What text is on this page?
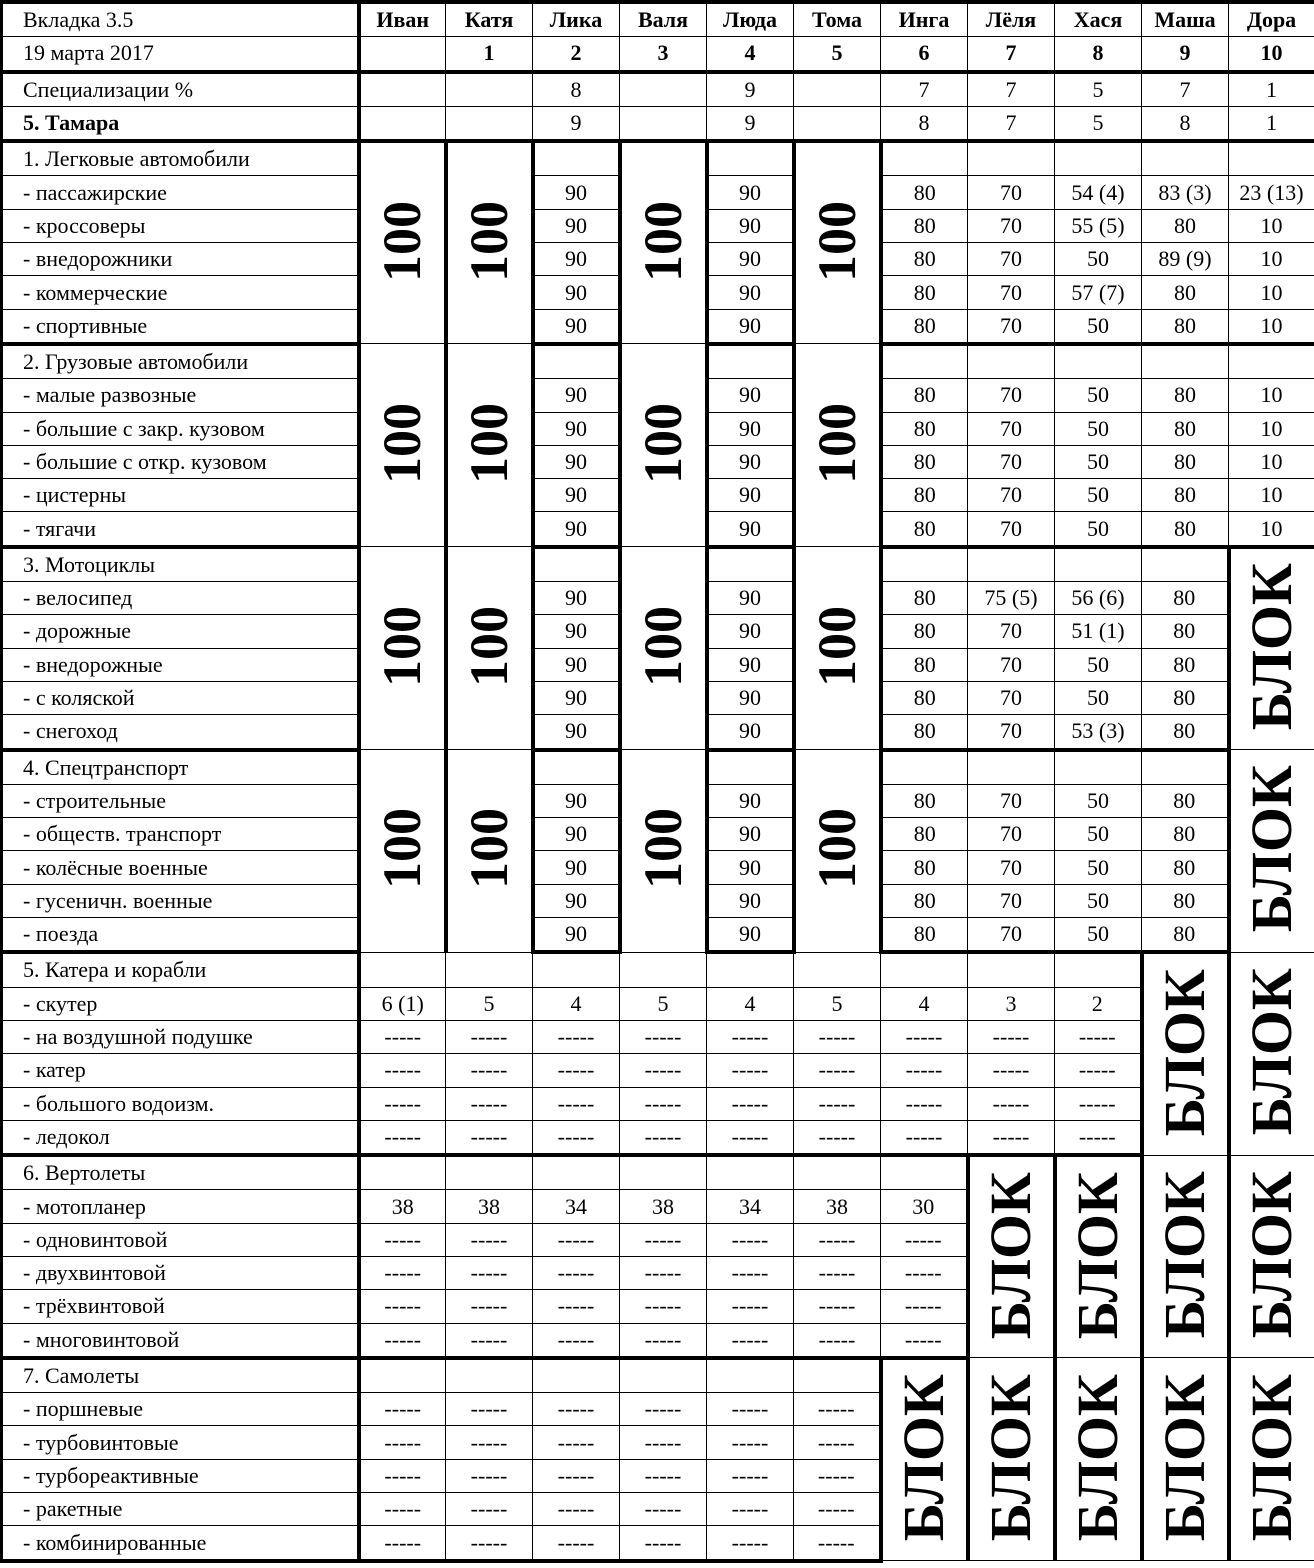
Вкладка 3.5	Иван	Катя	Лика	Валя	Люда	Тома	Инга	Лёля	Хася	Маша	Дора
19 марта 2017		1	2	3	4	5	6	7	8	9	10
Специализации %			8		9		7	7	5	7	1
5. Тамара			9		9		8	7	5	8	1
1. Легковые автомобили	100	100		100		100					
- пассажирские			90		90		80	70	54 (4)	83 (3)	23 (13)
- кроссоверы			90		90		80	70	55 (5)	80	10
- внедорожники			90		90		80	70	50	89 (9)	10
- коммерческие			90		90		80	70	57 (7)	80	10
- спортивные			90		90		80	70	50	80	10
2. Грузовые автомобили	100	100		100		100					
- малые развозные			90		90		80	70	50	80	10
- большие с закр. кузовом			90		90		80	70	50	80	10
- большие с откр. кузовом			90		90		80	70	50	80	10
- цистерны			90		90		80	70	50	80	10
- тягачи			90		90		80	70	50	80	10
3. Мотоциклы	100	100		100		100					БЛОК
- велосипед			90		90		80	75 (5)	56 (6)	80	
- дорожные			90		90		80	70	51 (1)	80	
- внедорожные			90		90		80	70	50	80	
- с коляской			90		90		80	70	50	80	
- снегоход			90		90		80	70	53 (3)	80	
4. Спецтранспорт	100	100		100		100					БЛОК
- строительные			90		90		80	70	50	80	
- обществ. транспорт			90		90		80	70	50	80	
- колёсные военные			90		90		80	70	50	80	
- гусеничн. военные			90		90		80	70	50	80	
- поезда			90		90		80	70	50	80	
5. Катера и корабли										БЛОК	БЛОК
- скутер	6 (1)	5	4	5	4	5	4	3	2		
- на воздушной подушке	-----	-----	-----	-----	-----	-----	-----	-----	-----		
- катер	-----	-----	-----	-----	-----	-----	-----	-----	-----		
- большого водоизм.	-----	-----	-----	-----	-----	-----	-----	-----	-----		
- ледокол	-----	-----	-----	-----	-----	-----	-----	-----	-----		
6. Вертолеты								БЛОК	БЛОК	БЛОК	БЛОК
- мотопланер	38	38	34	38	34	38	30				
- одновинтовой	-----	-----	-----	-----	-----	-----	-----				
- двухвинтовой	-----	-----	-----	-----	-----	-----	-----				
- трёхвинтовой	-----	-----	-----	-----	-----	-----	-----				
- многовинтовой	-----	-----	-----	-----	-----	-----	-----				
7. Самолеты							БЛОК	БЛОК	БЛОК	БЛОК	БЛОК
- поршневые	-----	-----	-----	-----	-----	-----					
- турбовинтовые	-----	-----	-----	-----	-----	-----					
- турбореактивные	-----	-----	-----	-----	-----	-----					
- ракетные	-----	-----	-----	-----	-----	-----					
- комбинированные	-----	-----	-----	-----	-----	-----					
